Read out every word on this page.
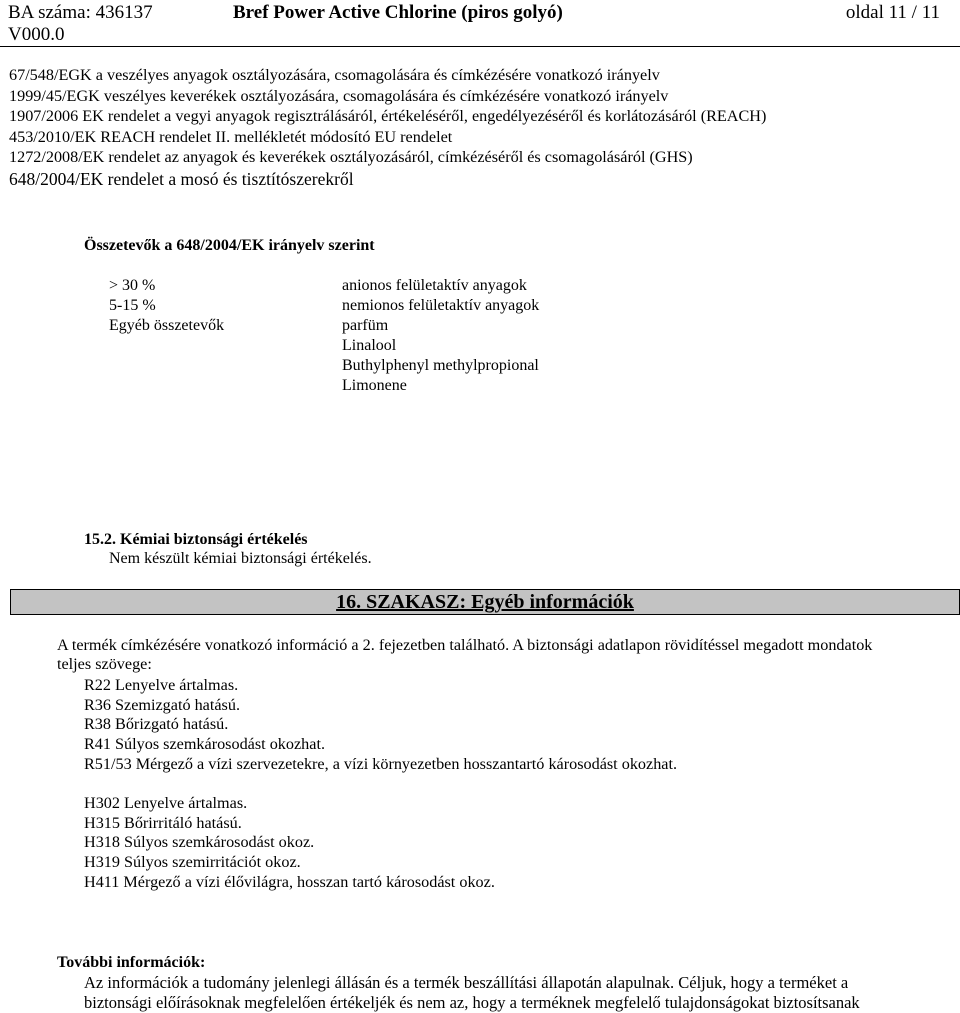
BA száma: 436137	Bref Power Active Chlorine (piros golyó)	oldal 11 / 11
V000.0
67/548/EGK a veszélyes anyagok osztályozására, csomagolására és címkézésére vonatkozó irányelv
1999/45/EGK veszélyes keverékek osztályozására, csomagolására és címkézésére vonatkozó irányelv
1907/2006 EK rendelet a vegyi anyagok regisztrálásáról, értékeléséről, engedélyezéséről és korlátozásáról (REACH)
453/2010/EK REACH rendelet II. mellékletét módosító EU rendelet
1272/2008/EK rendelet az anyagok és keverékek osztályozásáról, címkézéséről és csomagolásáról (GHS)
648/2004/EK rendelet a mosó és tisztítószerekről
Összetevők a 648/2004/EK irányelv szerint
> 30 %
5-15 %
Egyéb összetevők
anionos felületaktív anyagok
nemionos felületaktív anyagok
parfüm
Linalool
Buthylphenyl methylpropional
Limonene
15.2. Kémiai biztonsági értékelés
Nem készült kémiai biztonsági értékelés.
16. SZAKASZ: Egyéb információk
A termék címkézésére vonatkozó információ a 2. fejezetben található. A biztonsági adatlapon rövidítéssel megadott mondatok
teljes szövege:
R22 Lenyelve ártalmas.
R36 Szemizgató hatású.
R38 Bőrizgató hatású.
R41 Súlyos szemkárosodást okozhat.
R51/53 Mérgező a vízi szervezetekre, a vízi környezetben hosszantartó károsodást okozhat.
H302 Lenyelve ártalmas.
H315 Bőrirritáló hatású.
H318 Súlyos szemkárosodást okoz.
H319 Súlyos szemirritációt okoz.
H411 Mérgező a vízi élővilágra, hosszan tartó károsodást okoz.
További információk:
Az információk a tudomány jelenlegi állásán és a termék beszállítási állapotán alapulnak. Céljuk, hogy a terméket a
biztonsági előírásoknak megfelelően értékeljék és nem az, hogy a terméknek megfelelő tulajdonságokat biztosítsanak
